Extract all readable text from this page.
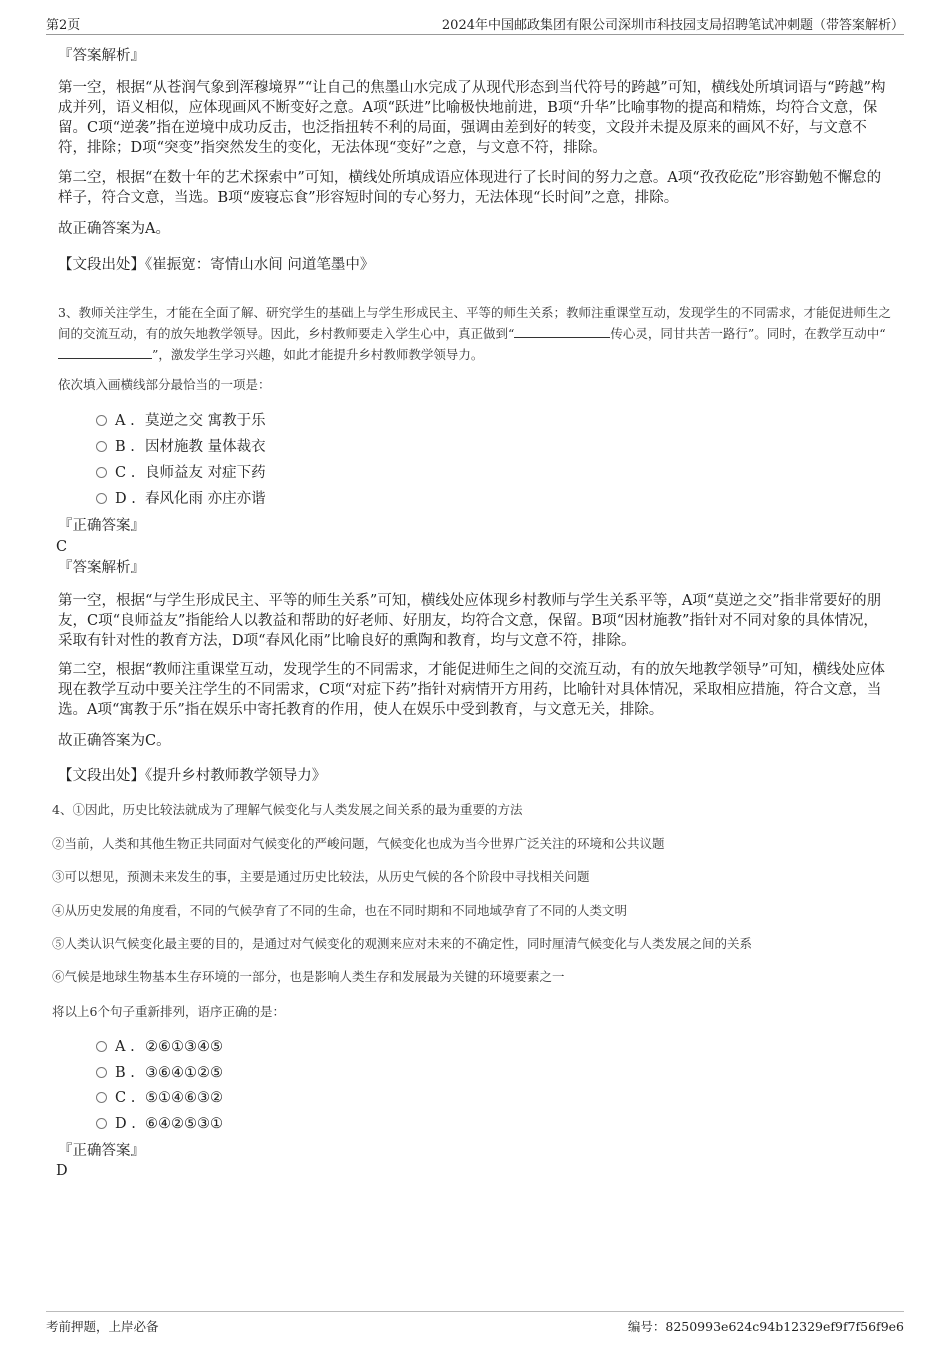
第2页	2024年中国邮政集团有限公司深圳市科技园支局招聘笔试冲刺题（带答案解析）
『答案解析』
第一空，根据“从苍润气象到浑穆境界”“让自己的焦墨山水完成了从现代形态到当代符号的跨越”可知，横线处所填词语与“跨越”构成并列，语义相似，应体现画风不断变好之意。A项“跃进”比喻极快地前进，B项“升华”比喻事物的提高和精炼，均符合文意，保留。C项“逆袭”指在逆境中成功反击，也泛指扭转不利的局面，强调由差到好的转变，文段并未提及原来的画风不好，与文意不符，排除；D项“突变”指突然发生的变化，无法体现“变好”之意，与文意不符，排除。
第二空，根据“在数十年的艺术探索中”可知，横线处所填成语应体现进行了长时间的努力之意。A项“孜孜矻矻”形容勤勉不懈怠的样子，符合文意，当选。B项“废寝忘食”形容短时间的专心努力，无法体现“长时间”之意，排除。
故正确答案为A。
【文段出处】《崔振宽：寄情山水间 问道笔墨中》
3、教师关注学生，才能在全面了解、研究学生的基础上与学生形成民主、平等的师生关系；教师注重课堂互动，发现学生的不同需求，才能促进师生之间的交流互动，有的放矢地教学领导。因此，乡村教师要走入学生心中，真正做到“	传心灵，同甘共苦一路行”。同时，在教学互动中“”，激发学生学习兴趣，如此才能提升乡村教师教学领导力。
依次填入画横线部分最恰当的一项是：
A . 莫逆之交 寓教于乐
B . 因材施教 量体裁衣
C . 良师益友 对症下药
D . 春风化雨 亦庄亦谐
『正确答案』
C
『答案解析』
第一空，根据“与学生形成民主、平等的师生关系”可知，横线处应体现乡村教师与学生关系平等，A项“莫逆之交”指非常要好的朋友，C项“良师益友”指能给人以教益和帮助的好老师、好朋友，均符合文意，保留。B项“因材施教”指针对不同对象的具体情况，采取有针对性的教育方法，D项“春风化雨”比喻良好的熏陶和教育，均与文意不符，排除。
第二空，根据“教师注重课堂互动，发现学生的不同需求，才能促进师生之间的交流互动，有的放矢地教学领导”可知，横线处应体现在教学互动中要关注学生的不同需求，C项“对症下药”指针对病情开方用药，比喻针对具体情况，采取相应措施，符合文意，当选。A项“寓教于乐”指在娱乐中寄托教育的作用，使人在娱乐中受到教育，与文意无关，排除。
故正确答案为C。
【文段出处】《提升乡村教师教学领导力》
4、①因此，历史比较法就成为了理解气候变化与人类发展之间关系的最为重要的方法
②当前，人类和其他生物正共同面对气候变化的严峻问题，气候变化也成为当今世界广泛关注的环境和公共议题
③可以想见，预测未来发生的事，主要是通过历史比较法，从历史气候的各个阶段中寻找相关问题
④从历史发展的角度看，不同的气候孕育了不同的生命，也在不同时期和不同地域孕育了不同的人类文明
⑤人类认识气候变化最主要的目的，是通过对气候变化的观测来应对未来的不确定性，同时厘清气候变化与人类发展之间的关系
⑥气候是地球生物基本生存环境的一部分，也是影响人类生存和发展最为关键的环境要素之一
将以上6个句子重新排列，语序正确的是：
A . ②⑥①③④⑤
B . ③⑥④①②⑤
C . ⑤①④⑥③②
D . ⑥④②⑤③①
『正确答案』
D
考前押题，上岸必备	编号：8250993e624c94b12329ef9f7f56f9e6
